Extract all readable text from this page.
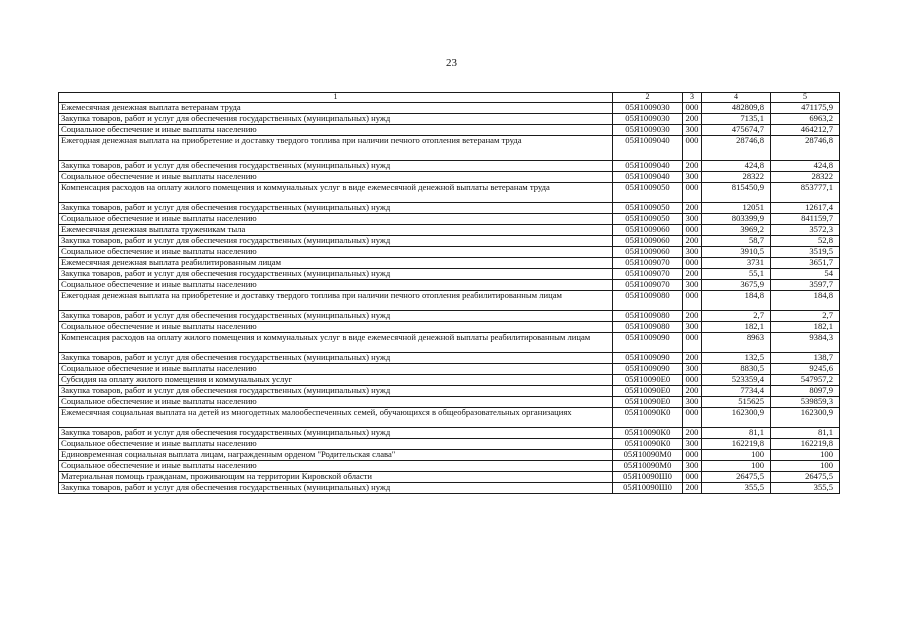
23
1	2	3	4	5
Ежемесячная денежная выплата ветеранам труда	05Я1009030	000	482809,8	471175,9
Закупка товаров, работ и услуг для обеспечения государственных (муниципальных) нужд	05Я1009030	200	7135,1	6963,2
Социальное обеспечение и иные выплаты населению	05Я1009030	300	475674,7	464212,7
Ежегодная денежная выплата на приобретение и доставку твердого топлива при наличии печного отопления ветеранам труда	05Я1009040	000	28746,8	28746,8
Закупка товаров, работ и услуг для обеспечения государственных (муниципальных) нужд	05Я1009040	200	424,8	424,8
Социальное обеспечение и иные выплаты населению	05Я1009040	300	28322	28322
Компенсация расходов на оплату жилого помещения и коммунальных услуг в виде ежемесячной денежной выплаты ветеранам труда	05Я1009050	000	815450,9	853777,1
Закупка товаров, работ и услуг для обеспечения государственных (муниципальных) нужд	05Я1009050	200	12051	12617,4
Социальное обеспечение и иные выплаты населению	05Я1009050	300	803399,9	841159,7
Ежемесячная денежная выплата труженикам тыла	05Я1009060	000	3969,2	3572,3
Закупка товаров, работ и услуг для обеспечения государственных (муниципальных) нужд	05Я1009060	200	58,7	52,8
Социальное обеспечение и иные выплаты населению	05Я1009060	300	3910,5	3519,5
Ежемесячная денежная выплата реабилитированным лицам	05Я1009070	000	3731	3651,7
Закупка товаров, работ и услуг для обеспечения государственных (муниципальных) нужд	05Я1009070	200	55,1	54
Социальное обеспечение и иные выплаты населению	05Я1009070	300	3675,9	3597,7
Ежегодная денежная выплата на приобретение и доставку твердого топлива при наличии печного отопления реабилитированным лицам	05Я1009080	000	184,8	184,8
Закупка товаров, работ и услуг для обеспечения государственных (муниципальных) нужд	05Я1009080	200	2,7	2,7
Социальное обеспечение и иные выплаты населению	05Я1009080	300	182,1	182,1
Компенсация расходов на оплату жилого помещения и коммунальных услуг в виде ежемесячной денежной выплаты реабилитированным лицам	05Я1009090	000	8963	9384,3
Закупка товаров, работ и услуг для обеспечения государственных (муниципальных) нужд	05Я1009090	200	132,5	138,7
Социальное обеспечение и иные выплаты населению	05Я1009090	300	8830,5	9245,6
Субсидия на оплату жилого помещения и коммунальных услуг	05Я10090Е0	000	523359,4	547957,2
Закупка товаров, работ и услуг для обеспечения государственных (муниципальных) нужд	05Я10090Е0	200	7734,4	8097,9
Социальное обеспечение и иные выплаты населению	05Я10090Е0	300	515625	539859,3
Ежемесячная социальная выплата на детей из многодетных малообеспеченных семей, обучающихся в общеобразовательных организациях	05Я10090К0	000	162300,9	162300,9
Закупка товаров, работ и услуг для обеспечения государственных (муниципальных) нужд	05Я10090К0	200	81,1	81,1
Социальное обеспечение и иные выплаты населению	05Я10090К0	300	162219,8	162219,8
Единовременная социальная выплата лицам, награжденным орденом "Родительская слава"	05Я10090М0	000	100	100
Социальное обеспечение и иные выплаты населению	05Я10090М0	300	100	100
Материальная помощь гражданам, проживающим на территории Кировской области	05Я10090Ш0	000	26475,5	26475,5
Закупка товаров, работ и услуг для обеспечения государственных (муниципальных) нужд	05Я10090Ш0	200	355,5	355,5
